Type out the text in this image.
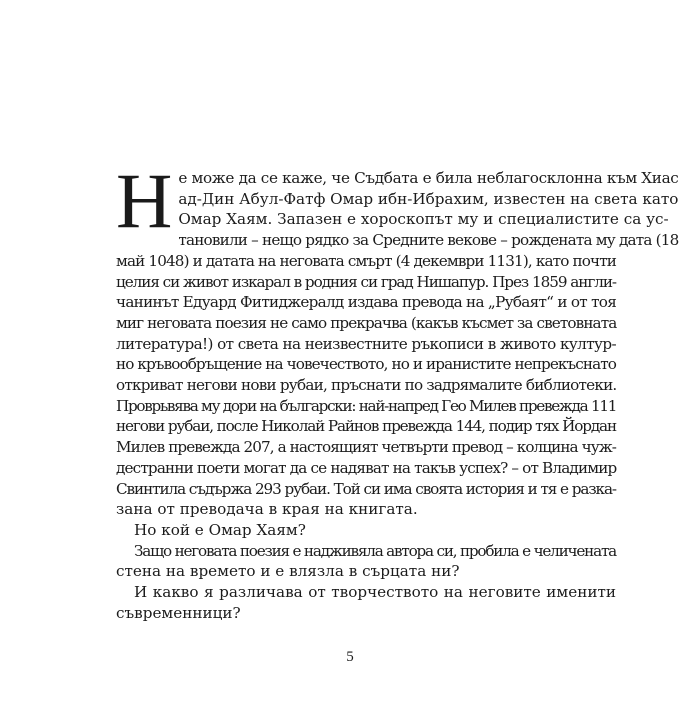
Н е може да се каже, че Съдбата е била неблагосклонна към Хиас
ад-Дин Абул-Фатф Омар ибн-Ибрахим, известен на света като
Омар Хаям. Запазен е хороскопът му и специалистите са ус-
тановили – нещо рядко за Средните векове – рождената му дата (18
май 1048) и датата на неговата смърт (4 декември 1131), като почти
целия си живот изкарал в родния си град Нишапур. През 1859 англи-
чанинът Едуард Фитиджералд издава превода на „Рубаят“ и от тоя
миг неговата поезия не само прекрачва (какъв късмет за световната
литература!) от света на неизвестните ръкописи в живото култур-
но кръвообръщение на човечеството, но и иранистите непрекъснато
откриват негови нови рубаи, пръснати по задрямалите библиотеки.
Проврьвява му дори на български: най-напред Гео Милев превежда 111
негови рубаи, после Николай Райнов превежда 144, подир тях Йордан
Милев превежда 207, а настоящият четвърти превод – колцина чуж-
дестранни поети могат да се надяват на такъв успех? – от Владимир
Свинтила съдържа 293 рубаи. Той си има своята история и тя е разка-
зана от преводача в края на книгата.
Но кой е Омар Хаям?
Защо неговата поезия е надживяла автора си, пробила е челичената
стена на времето и е влязла в сърцата ни?
И какво я различава от творчеството на неговите именити
съвременници?
5
